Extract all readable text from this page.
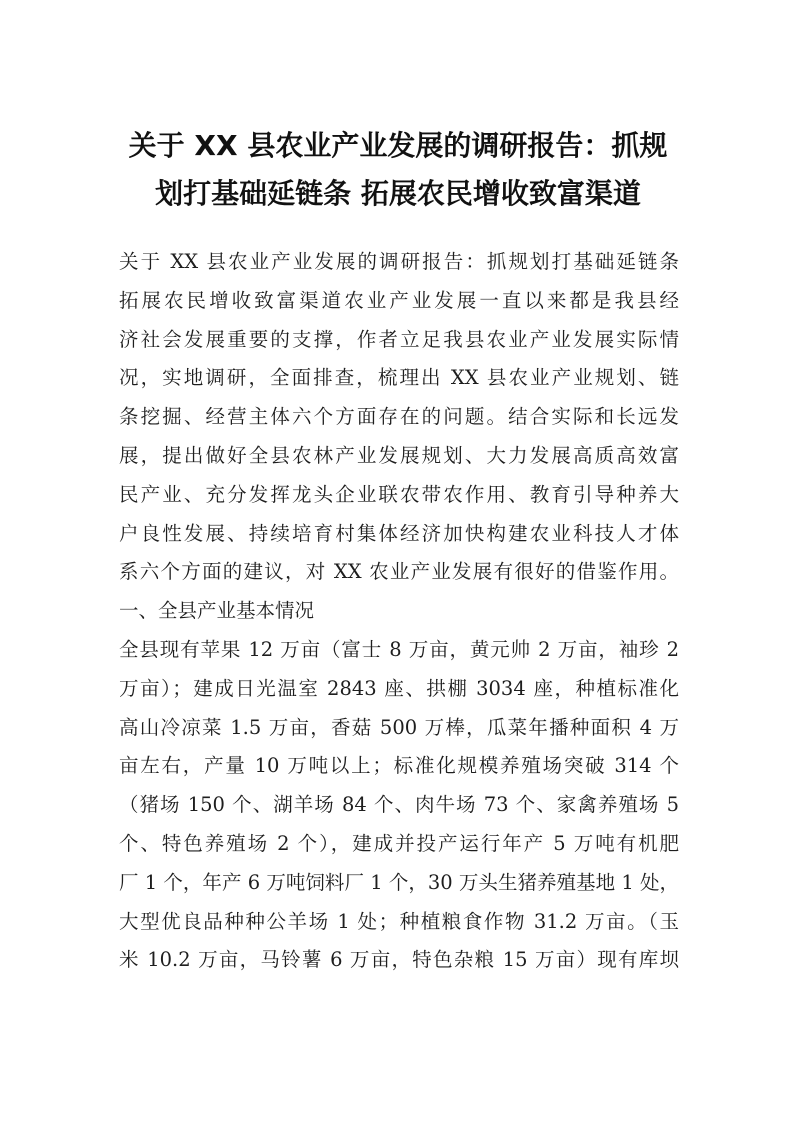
关于 XX 县农业产业发展的调研报告：抓规
划打基础延链条 拓展农民增收致富渠道
关于 XX 县农业产业发展的调研报告：抓规划打基础延链条
拓展农民增收致富渠道农业产业发展一直以来都是我县经
济社会发展重要的支撑，作者立足我县农业产业发展实际情
况，实地调研，全面排查，梳理出 XX 县农业产业规划、链
条挖掘、经营主体六个方面存在的问题。结合实际和长远发
展，提出做好全县农林产业发展规划、大力发展高质高效富
民产业、充分发挥龙头企业联农带农作用、教育引导种养大
户良性发展、持续培育村集体经济加快构建农业科技人才体
系六个方面的建议，对 XX 农业产业发展有很好的借鉴作用。
一、全县产业基本情况
全县现有苹果 12 万亩（富士 8 万亩，黄元帅 2 万亩，袖珍 2
万亩）；建成日光温室 2843 座、拱棚 3034 座，种植标准化
高山冷凉菜 1.5 万亩，香菇 500 万棒，瓜菜年播种面积 4 万
亩左右，产量 10 万吨以上；标准化规模养殖场突破 314 个
（猪场 150 个、湖羊场 84 个、肉牛场 73 个、家禽养殖场 5
个、特色养殖场 2 个），建成并投产运行年产 5 万吨有机肥
厂 1 个，年产 6 万吨饲料厂 1 个，30 万头生猪养殖基地 1 处，
大型优良品种种公羊场 1 处；种植粮食作物 31.2 万亩。（玉
米 10.2 万亩，马铃薯 6 万亩，特色杂粮 15 万亩）现有库坝
